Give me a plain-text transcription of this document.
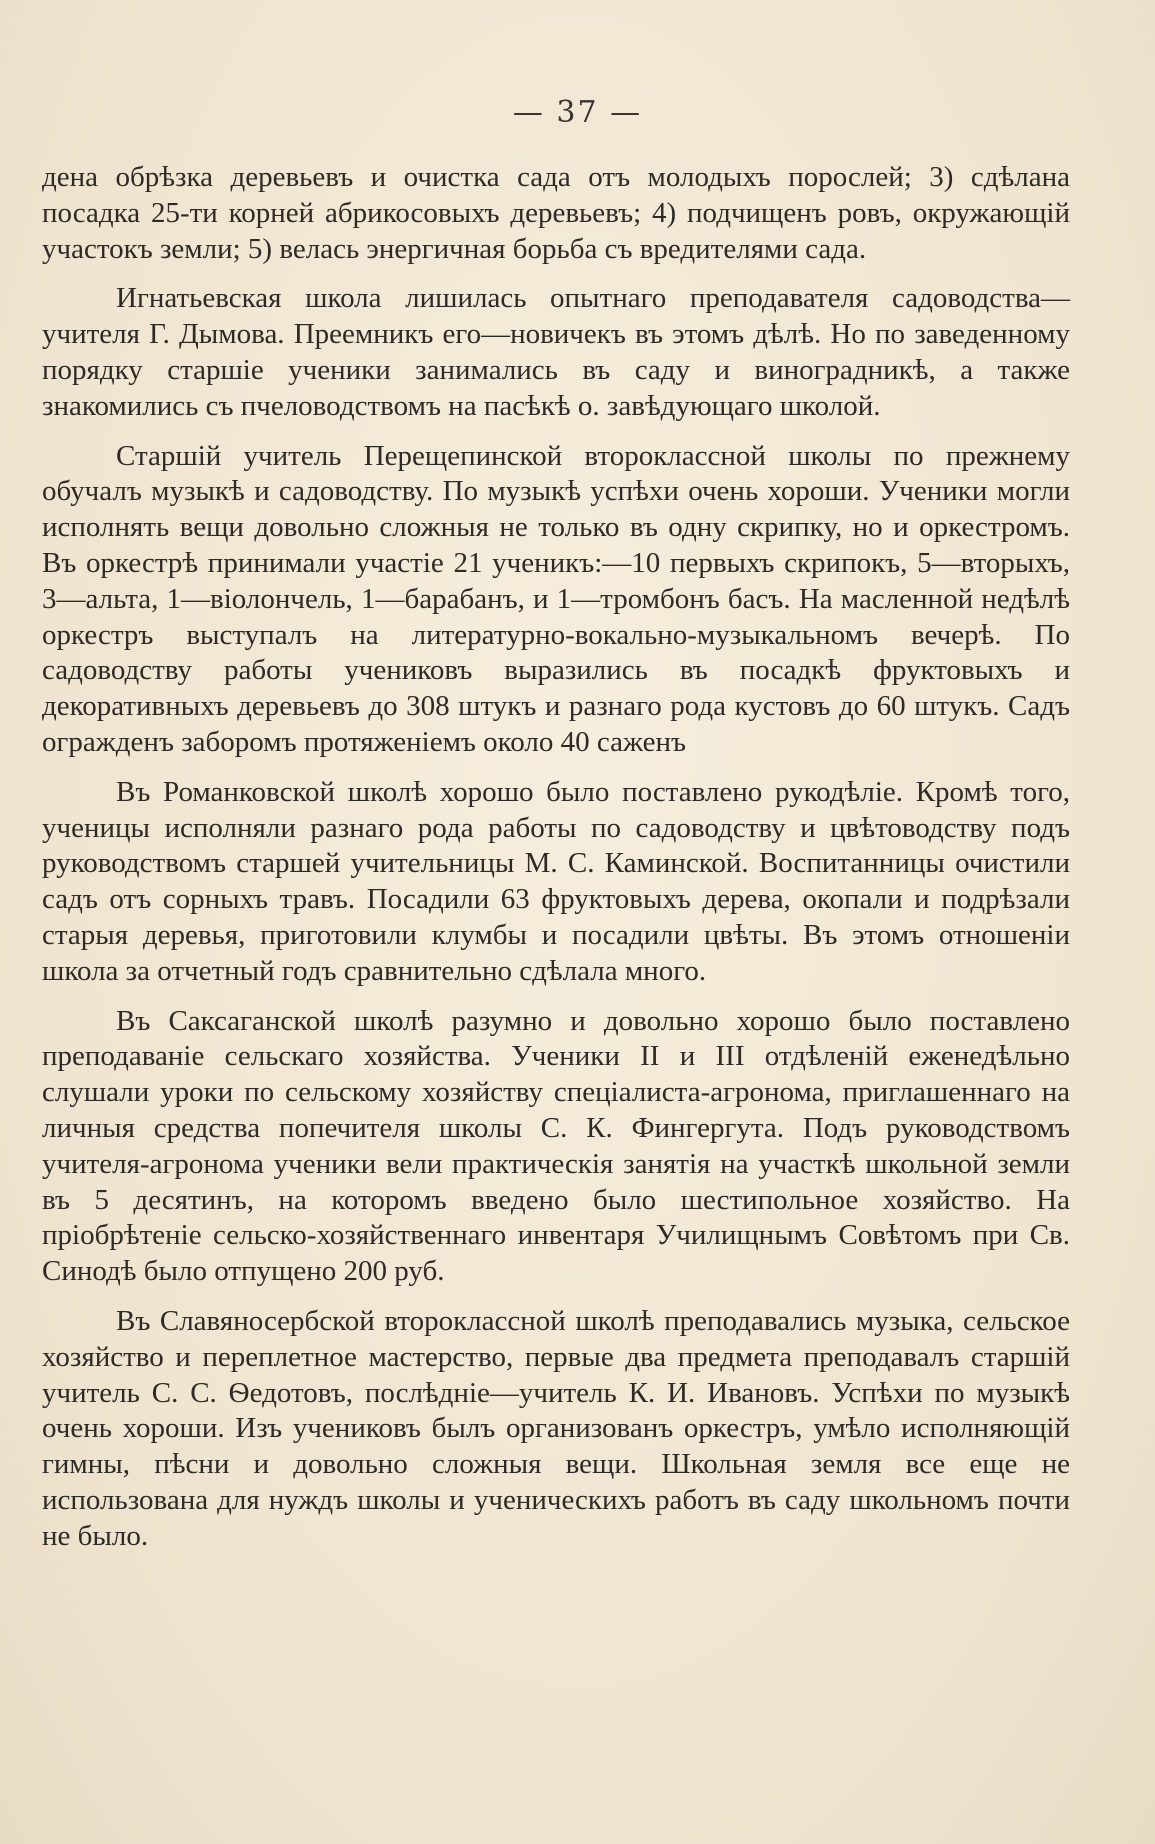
— 37 —

дена обрѣзка деревьевъ и очистка сада отъ молодыхъ порослей; 3) сдѣлана посадка 25-ти корней абрикосовыхъ деревьевъ; 4) подчищенъ ровъ, окружающій участокъ земли; 5) велась энергичная борьба съ вредителями сада.

Игнатьевская школа лишилась опытнаго преподавателя садоводства—учителя Г. Дымова. Преемникъ его—новичекъ въ этомъ дѣлѣ. Но по заведенному порядку старшіе ученики занимались въ саду и виноградникѣ, а также знакомились съ пчеловодствомъ на пасѣкѣ о. завѣдующаго школой.

Старшій учитель Перещепинской второклассной школы по прежнему обучалъ музыкѣ и садоводству. По музыкѣ успѣхи очень хороши. Ученики могли исполнять вещи довольно сложныя не только въ одну скрипку, но и оркестромъ. Въ оркестрѣ принимали участіе 21 ученикъ:—10 первыхъ скрипокъ, 5—вторыхъ, 3—альта, 1—віолончель, 1—барабанъ, и 1—тромбонъ басъ. На масленной недѣлѣ оркестръ выступалъ на литературно-вокально-музыкальномъ вечерѣ. По садоводству работы учениковъ выразились въ посадкѣ фруктовыхъ и декоративныхъ деревьевъ до 308 штукъ и разнаго рода кустовъ до 60 штукъ. Садъ огражденъ заборомъ протяженіемъ около 40 саженъ

Въ Романковской школѣ хорошо было поставлено рукодѣліе. Кромѣ того, ученицы исполняли разнаго рода работы по садоводству и цвѣтоводству подъ руководствомъ старшей учительницы М. С. Каминской. Воспитанницы очистили садъ отъ сорныхъ травъ. Посадили 63 фруктовыхъ дерева, окопали и подрѣзали старыя деревья, приготовили клумбы и посадили цвѣты. Въ этомъ отношеніи школа за отчетный годъ сравнительно сдѣлала много.

Въ Саксаганской школѣ разумно и довольно хорошо было поставлено преподаваніе сельскаго хозяйства. Ученики II и III отдѣленій еженедѣльно слушали уроки по сельскому хозяйству спеціалиста-агронома, приглашеннаго на личныя средства попечителя школы С. К. Фингергута. Подъ руководствомъ учителя-агронома ученики вели практическія занятія на участкѣ школьной земли въ 5 десятинъ, на которомъ введено было шестипольное хозяйство. На пріобрѣтеніе сельско-хозяйственнаго инвентаря Училищнымъ Совѣтомъ при Св. Синодѣ было отпущено 200 руб.

Въ Славяносербской второклассной школѣ преподавались музыка, сельское хозяйство и переплетное мастерство, первые два предмета преподавалъ старшій учитель С. С. Ѳедотовъ, послѣдніе—учитель К. И. Ивановъ. Успѣхи по музыкѣ очень хороши. Изъ учениковъ былъ организованъ оркестръ, умѣло исполняющій гимны, пѣсни и довольно сложныя вещи. Школьная земля все еще не использована для нуждъ школы и ученическихъ работъ въ саду школьномъ почти не было.
